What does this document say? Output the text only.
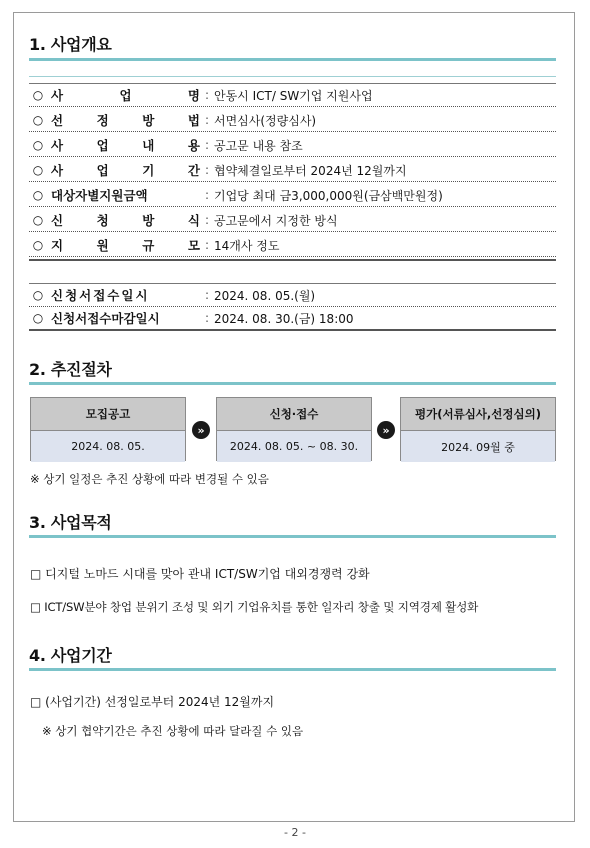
1. 사업개요
○ 사	업	명 : 안동시 ICT/ SW기업 지원사업
○ 선	정	방	법 : 서면심사(정량심사)
○ 사	업	내	용 : 공고문 내용 참조
○ 사	업	기	간 : 협약체결일로부터 2024년 12월까지
○ 대상자별지원금액	: 기업당 최대 금3,000,000원(금삼백만원정)
○ 신	청	방	식 : 공고문에서 지정한 방식
○ 지	원	규	모 : 14개사 정도
○ 신청서접수일시	: 2024. 08. 05.(월)
○ 신청서접수마감일시	: 2024. 08. 30.(금) 18:00
2. 추진절차
모집공고
2024. 08. 05.
»
신청·접수
2024. 08. 05. ~ 08. 30.
»
평가(서류심사,선정심의)
2024. 09월 중
※ 상기 일정은 추진 상황에 따라 변경될 수 있음
3. 사업목적
□ 디지털 노마드 시대를 맞아 관내 ICT/SW기업 대외경쟁력 강화
□ ICT/SW분야 창업 분위기 조성 및 외기 기업유치를 통한 일자리 창출 및 지역경제 활성화
4. 사업기간
□ (사업기간) 선정일로부터 2024년 12월까지
※ 상기 협약기간은 추진 상황에 따라 달라질 수 있음
- 2 -
